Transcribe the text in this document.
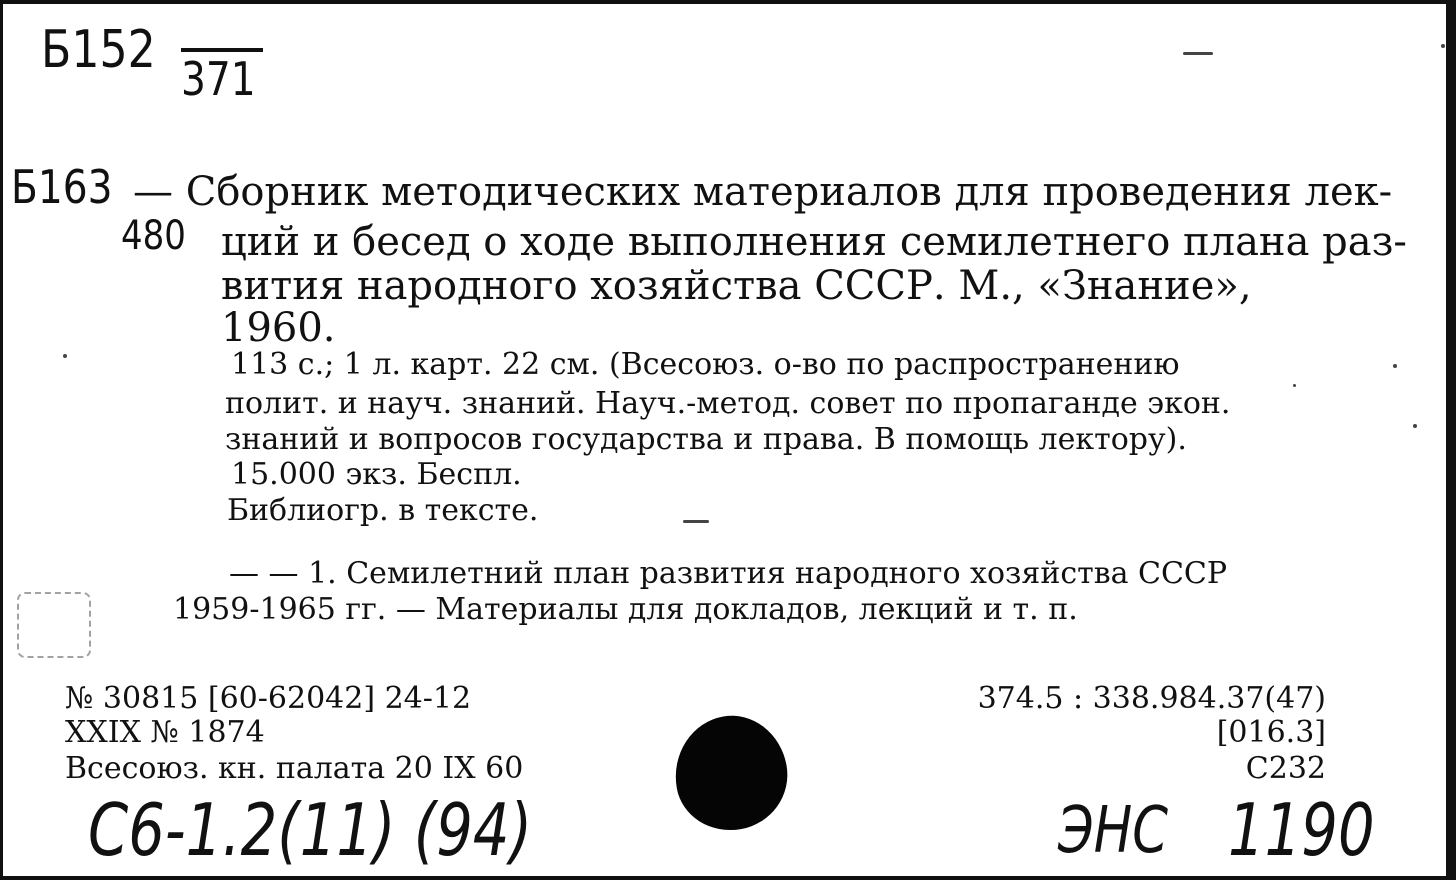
Б152 371
Б163
480
— Сборник методических материалов для проведения лек-
ций и бесед о ходе выполнения семилетнего плана раз-
вития народного хозяйства СССР. М., «Знание»,
1960.
113 с.; 1 л. карт. 22 см. (Всесоюз. о-во по распространению
полит. и науч. знаний. Науч.-метод. совет по пропаганде экон.
знаний и вопросов государства и права. В помощь лектору).
15.000 экз. Беспл.
Библиогр. в тексте.
— — 1. Семилетний план развития народного хозяйства СССР
1959-1965 гг. — Материалы для докладов, лекций и т. п.
№ 30815 [60-62042] 24-12
XXIX № 1874
Всесоюз. кн. палата 20 IX 60
374.5 : 338.984.37(47)
[016.3]
С232
С6-1.2(11) (94)	ЭНС 1190
